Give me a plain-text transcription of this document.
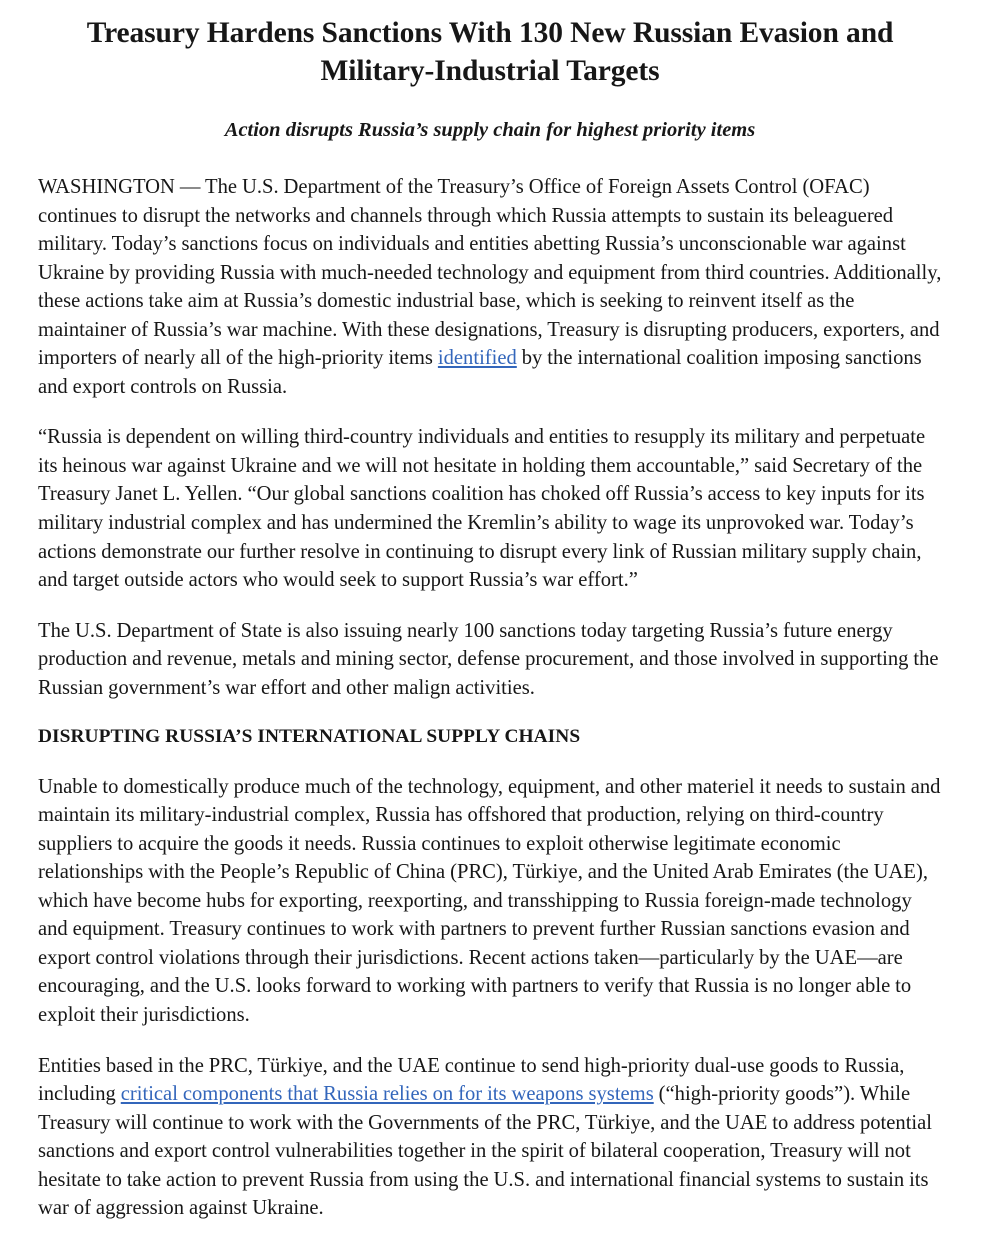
Treasury Hardens Sanctions With 130 New Russian Evasion and Military-Industrial Targets
Action disrupts Russia’s supply chain for highest priority items

WASHINGTON — The U.S. Department of the Treasury’s Office of Foreign Assets Control (OFAC) continues to disrupt the networks and channels through which Russia attempts to sustain its beleaguered military. Today’s sanctions focus on individuals and entities abetting Russia’s unconscionable war against Ukraine by providing Russia with much-needed technology and equipment from third countries. Additionally, these actions take aim at Russia’s domestic industrial base, which is seeking to reinvent itself as the maintainer of Russia’s war machine. With these designations, Treasury is disrupting producers, exporters, and importers of nearly all of the high-priority items identified by the international coalition imposing sanctions and export controls on Russia.

“Russia is dependent on willing third-country individuals and entities to resupply its military and perpetuate its heinous war against Ukraine and we will not hesitate in holding them accountable,” said Secretary of the Treasury Janet L. Yellen. “Our global sanctions coalition has choked off Russia’s access to key inputs for its military industrial complex and has undermined the Kremlin’s ability to wage its unprovoked war. Today’s actions demonstrate our further resolve in continuing to disrupt every link of Russian military supply chain, and target outside actors who would seek to support Russia’s war effort.”

The U.S. Department of State is also issuing nearly 100 sanctions today targeting Russia’s future energy production and revenue, metals and mining sector, defense procurement, and those involved in supporting the Russian government’s war effort and other malign activities.

DISRUPTING RUSSIA’S INTERNATIONAL SUPPLY CHAINS

Unable to domestically produce much of the technology, equipment, and other materiel it needs to sustain and maintain its military-industrial complex, Russia has offshored that production, relying on third-country suppliers to acquire the goods it needs. Russia continues to exploit otherwise legitimate economic relationships with the People’s Republic of China (PRC), Türkiye, and the United Arab Emirates (the UAE), which have become hubs for exporting, reexporting, and transshipping to Russia foreign-made technology and equipment. Treasury continues to work with partners to prevent further Russian sanctions evasion and export control violations through their jurisdictions. Recent actions taken—particularly by the UAE—are encouraging, and the U.S. looks forward to working with partners to verify that Russia is no longer able to exploit their jurisdictions.

Entities based in the PRC, Türkiye, and the UAE continue to send high-priority dual-use goods to Russia, including critical components that Russia relies on for its weapons systems (“high-priority goods”). While Treasury will continue to work with the Governments of the PRC, Türkiye, and the UAE to address potential sanctions and export control vulnerabilities together in the spirit of bilateral cooperation, Treasury will not hesitate to take action to prevent Russia from using the U.S. and international financial systems to sustain its war of aggression against Ukraine.
